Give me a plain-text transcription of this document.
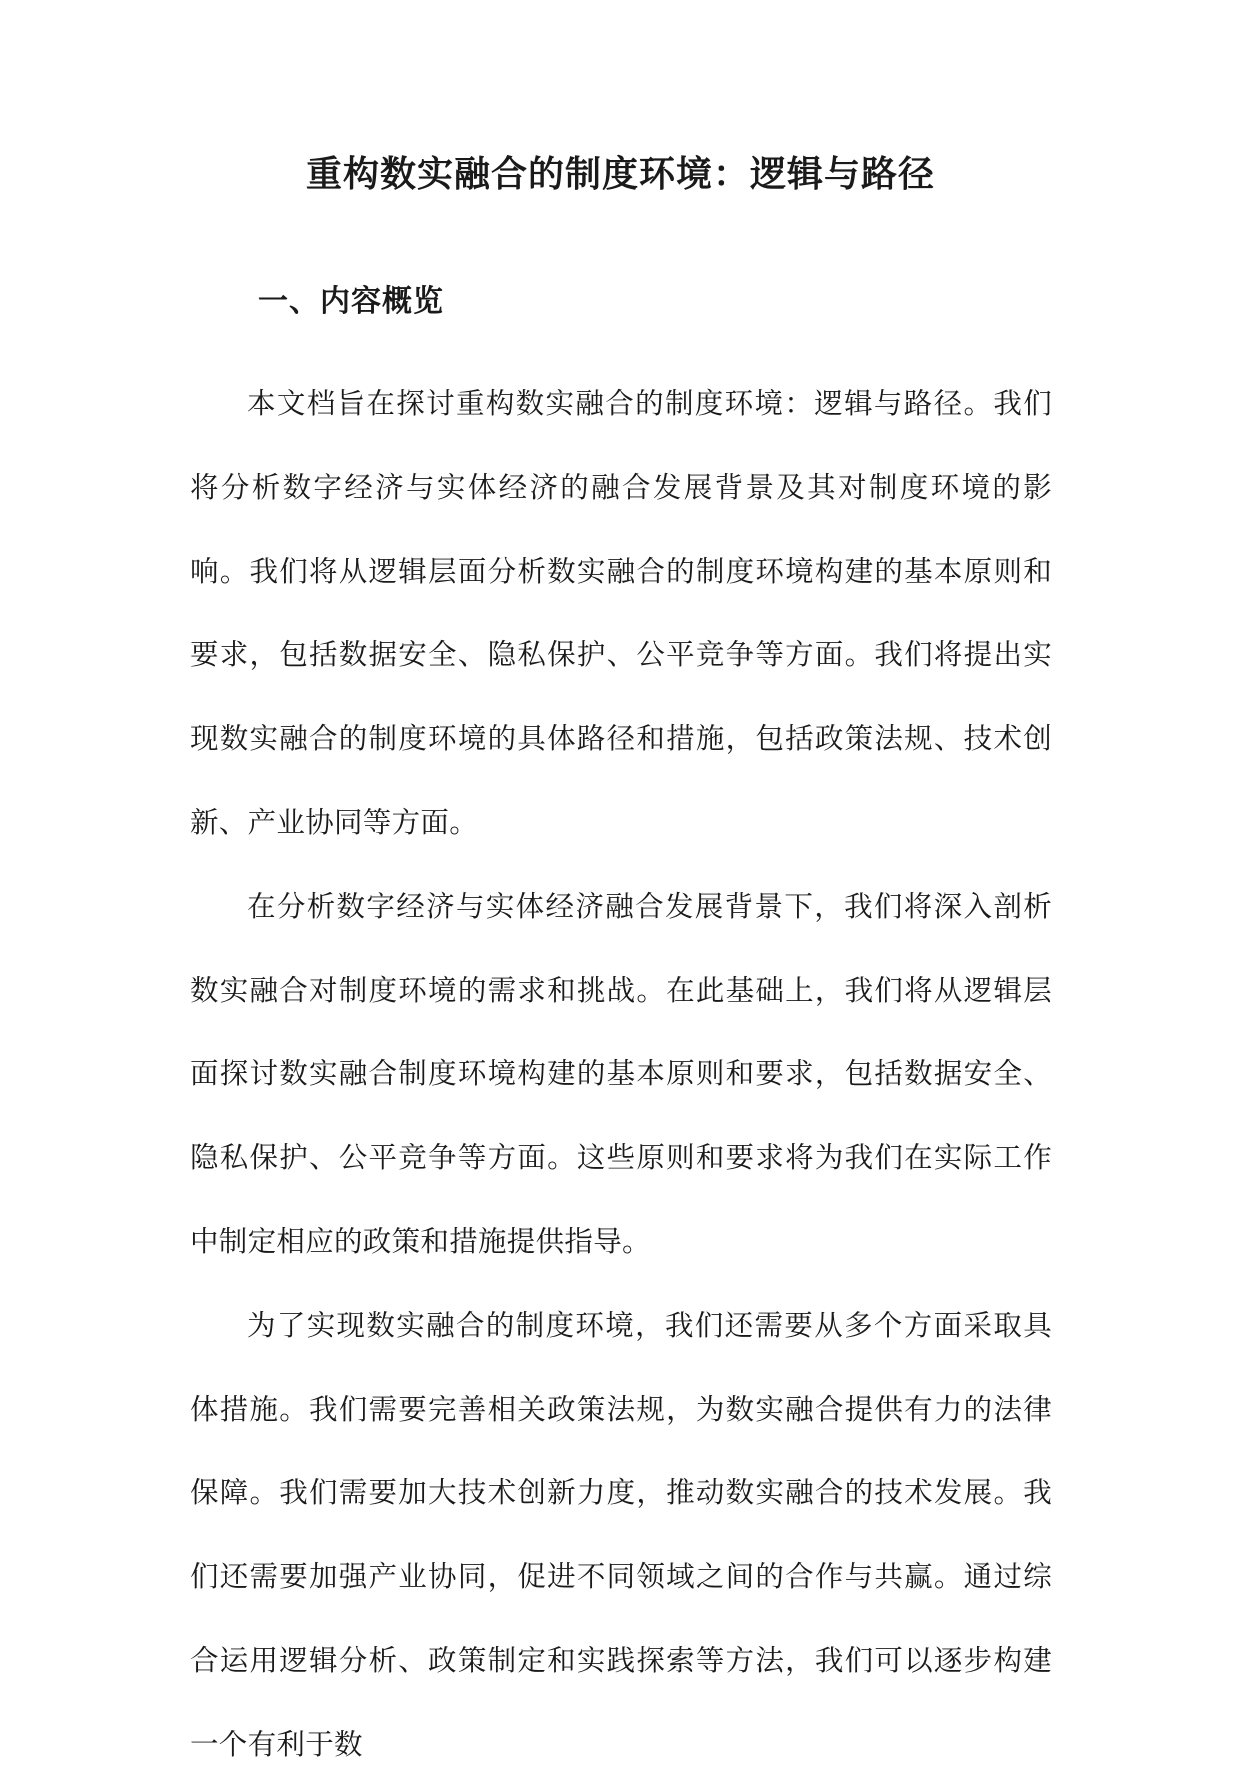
重构数实融合的制度环境：逻辑与路径
一、内容概览

本文档旨在探讨重构数实融合的制度环境：逻辑与路径。我们将分析数字经济与实体经济的融合发展背景及其对制度环境的影响。我们将从逻辑层面分析数实融合的制度环境构建的基本原则和要求，包括数据安全、隐私保护、公平竞争等方面。我们将提出实现数实融合的制度环境的具体路径和措施，包括政策法规、技术创新、产业协同等方面。

在分析数字经济与实体经济融合发展背景下，我们将深入剖析数实融合对制度环境的需求和挑战。在此基础上，我们将从逻辑层面探讨数实融合制度环境构建的基本原则和要求，包括数据安全、隐私保护、公平竞争等方面。这些原则和要求将为我们在实际工作中制定相应的政策和措施提供指导。

为了实现数实融合的制度环境，我们还需要从多个方面采取具体措施。我们需要完善相关政策法规，为数实融合提供有力的法律保障。我们需要加大技术创新力度，推动数实融合的技术发展。我们还需要加强产业协同，促进不同领域之间的合作与共赢。通过综合运用逻辑分析、政策制定和实践探索等方法，我们可以逐步构建一个有利于数
